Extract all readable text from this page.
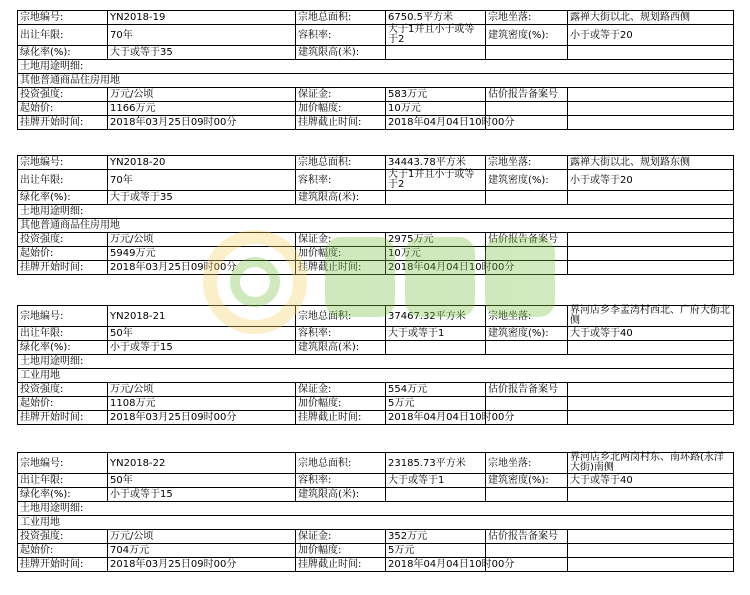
宗地编号:	YN2018-19	宗地总面积:	6750.5平方米	宗地坐落:	露禅大街以北、规划路西侧
出让年限:	70年	容积率:	大于1并且小于或等于2	建筑密度(%):	小于或等于20
绿化率(%):	大于或等于35	建筑限高(米):			
土地用途明细:					
其他普通商品住房用地					
投资强度:	万元/公顷	保证金:	583万元	估价报告备案号	
起始价:	1166万元	加价幅度:	10万元		
挂牌开始时间:	2018年03月25日09时00分	挂牌截止时间:	2018年04月04日10时00分		
宗地编号:	YN2018-20	宗地总面积:	34443.78平方米	宗地坐落:	露禅大街以北、规划路东侧
出让年限:	70年	容积率:	大于1并且小于或等于2	建筑密度(%):	小于或等于20
绿化率(%):	大于或等于35	建筑限高(米):			
土地用途明细:					
其他普通商品住房用地					
投资强度:	万元/公顷	保证金:	2975万元	估价报告备案号	
起始价:	5949万元	加价幅度:	10万元		
挂牌开始时间:	2018年03月25日09时00分	挂牌截止时间:	2018年04月04日10时00分		
宗地编号:	YN2018-21	宗地总面积:	37467.32平方米	宗地坐落:	界河店乡李孟湾村西北、广府大街北侧
出让年限:	50年	容积率:	大于或等于1	建筑密度(%):	大于或等于40
绿化率(%):	小于或等于15	建筑限高(米):			
土地用途明细:					
工业用地					
投资强度:	万元/公顷	保证金:	554万元	估价报告备案号	
起始价:	1108万元	加价幅度:	5万元		
挂牌开始时间:	2018年03月25日09时00分	挂牌截止时间:	2018年04月04日10时00分		
宗地编号:	YN2018-22	宗地总面积:	23185.73平方米	宗地坐落:	界河店乡北两岗村东、南环路(永洋大街)南侧
出让年限:	50年	容积率:	大于或等于1	建筑密度(%):	大于或等于40
绿化率(%):	小于或等于15	建筑限高(米):			
土地用途明细:					
工业用地					
投资强度:	万元/公顷	保证金:	352万元	估价报告备案号	
起始价:	704万元	加价幅度:	5万元		
挂牌开始时间:	2018年03月25日09时00分	挂牌截止时间:	2018年04月04日10时00分		
